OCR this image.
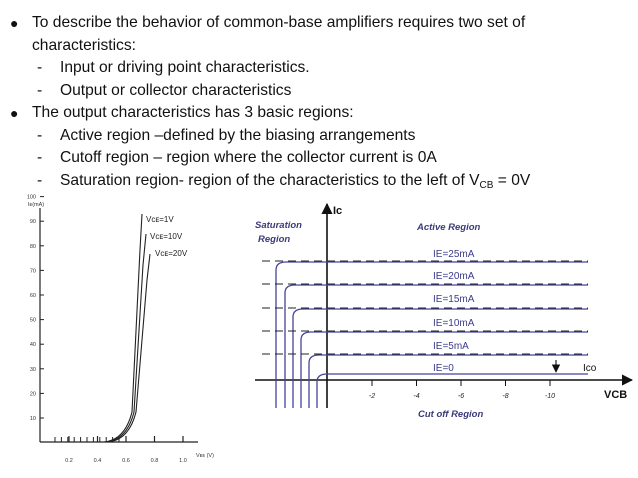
● To describe the behavior of common-base amplifiers requires two set of
characteristics:
- Input or driving point characteristics.
- Output or collector characteristics
● The output characteristics has 3 basic regions:
- Active region –defined by the biasing arrangements
- Cutoff region – region where the collector current is 0A
- Saturation region- region of the characteristics to the left of $V_{CB} = 0V$
Iᴇ(mA)
Vᴇᴇ (V)
10
20
30
40
50
60
70
80
90
100
0.2	0.4	0.6	0.8	1.0
Vᴄᴇ=1V
Vᴄᴇ=10V
Vᴄᴇ=20V
Ic
VCB
Saturation
Region
Active Region
Cut off Region
-2	-4	-6	-8	-10
IE=25mA
IE=20mA
IE=15mA
IE=10mA
IE=5mA
IE=0	Ico
